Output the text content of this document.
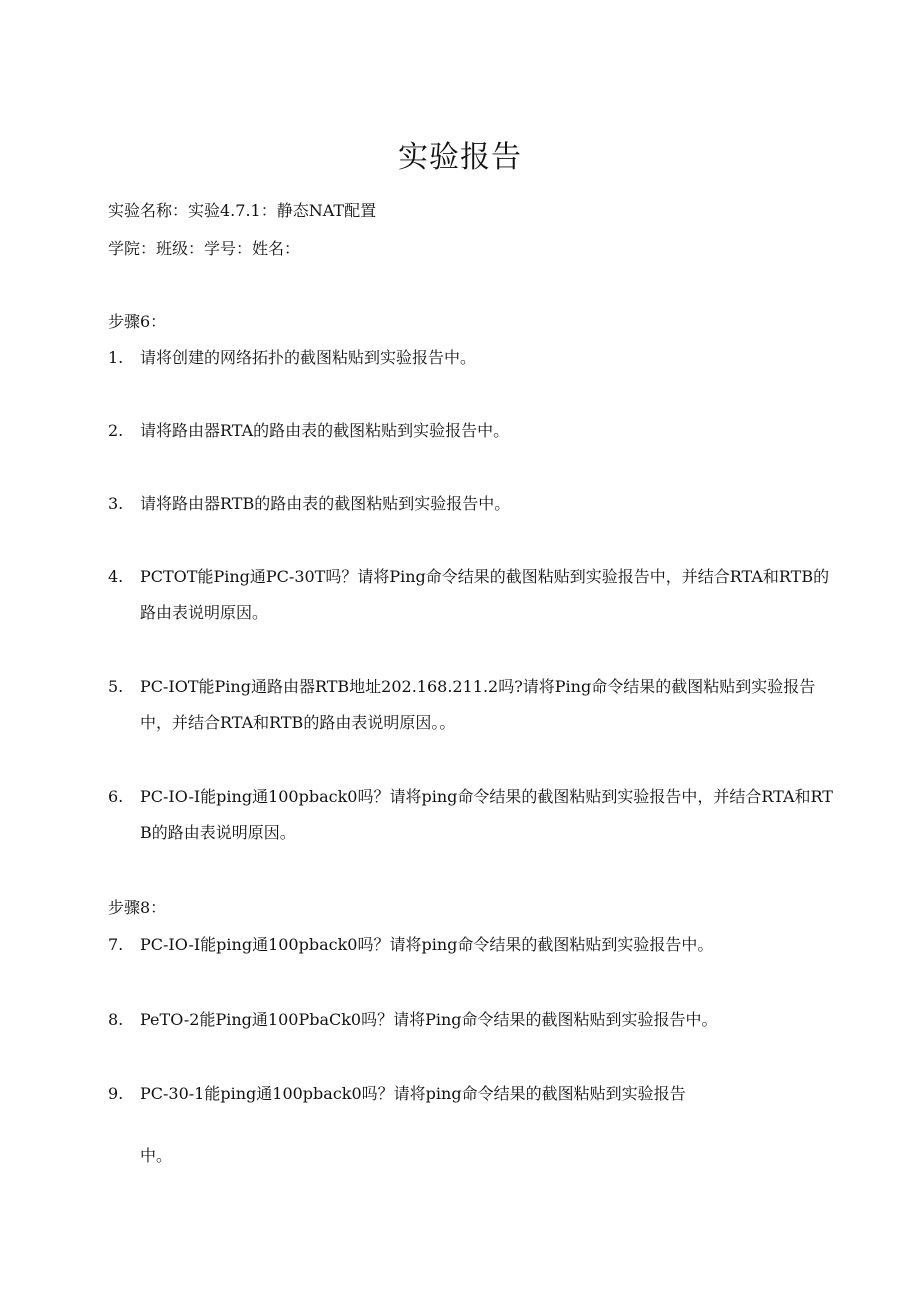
实验报告
实验名称：实验4.7.1：静态NAT配置
学院：班级：学号：姓名：
步骤6：
1.	请将创建的网络拓扑的截图粘贴到实验报告中。
2.	请将路由器RTA的路由表的截图粘贴到实验报告中。
3.	请将路由器RTB的路由表的截图粘贴到实验报告中。
4.	PCTOT能Ping通PC-30T吗？请将Ping命令结果的截图粘贴到实验报告中，并结合RTA和RTB的路由表说明原因。
5.	PC-IOT能Ping通路由器RTB地址202.168.211.2吗?请将Ping命令结果的截图粘贴到实验报告中，并结合RTA和RTB的路由表说明原因。。
6.	PC-IO-I能ping通100pback0吗？请将ping命令结果的截图粘贴到实验报告中，并结合RTA和RTB的路由表说明原因。
步骤8：
7.	PC-IO-I能ping通100pback0吗？请将ping命令结果的截图粘贴到实验报告中。
8.	PeTO-2能Ping通100PbaCk0吗？请将Ping命令结果的截图粘贴到实验报告中。
9.	PC-30-1能ping通100pback0吗？请将ping命令结果的截图粘贴到实验报告
中。
